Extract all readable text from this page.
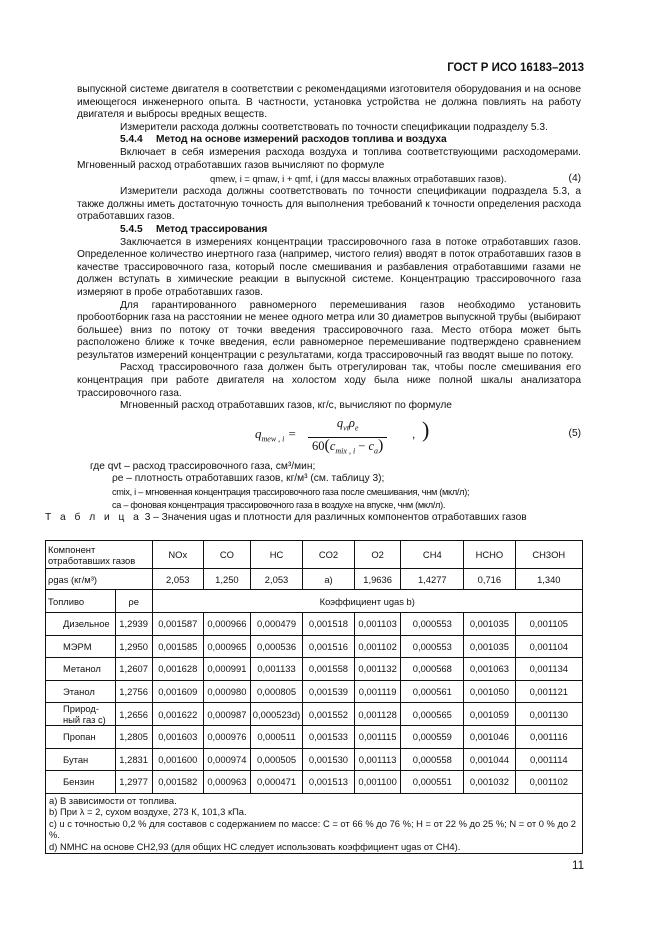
ГОСТ Р ИСО 16183–2013

выпускной системе двигателя в соответствии с рекомендациями изготовителя оборудования и на основе имеющегося инженерного опыта. В частности, установка устройства не должна повлиять на работу двигателя и выбросы вредных веществ.

Измерители расхода должны соответствовать по точности спецификации подразделу 5.3.

5.4.4 Метод на основе измерений расходов топлива и воздуха

Включает в себя измерения расхода воздуха и топлива соответствующими расходомерами. Мгновенный расход отработавших газов вычисляют по формуле

qmew, i = qmaw, i + qmf, i (для массы влажных отработавших газов).	(4)

Измерители расхода должны соответствовать по точности спецификации подраздела 5.3, а также должны иметь достаточную точность для выполнения требований к точности определения расхода отработавших газов.

5.4.5 Метод трассирования

Заключается в измерениях концентрации трассировочного газа в потоке отработавших газов. Определенное количество инертного газа (например, чистого гелия) вводят в поток отработавших газов в качестве трассировочного газа, который после смешивания и разбавления отработавшими газами не должен вступать в химические реакции в выпускной системе. Концентрацию трассировочного газа измеряют в пробе отработавших газов.

Для гарантированного равномерного перемешивания газов необходимо установить пробоотборник газа на расстоянии не менее одного метра или 30 диаметров выпускной трубы (выбирают большее) вниз по потоку от точки введения трассировочного газа. Место отбора может быть расположено ближе к точке введения, если равномерное перемешивание подтверждено сравнением результатов измерений концентрации с результатами, когда трассировочный газ вводят выше по потоку.

Расход трассировочного газа должен быть отрегулирован так, чтобы после смешивания его концентрация при работе двигателя на холостом ходу была ниже полной шкалы анализатора трассировочного газа.

Мгновенный расход отработавших газов, кг/с, вычисляют по формуле

$q_{mew , i}$ =
$q_{vt}\rho_e$
$60(c_{mix , i} - c_a)$
, )	(5)

где qvt – расход трассировочного газа, см³/мин;

ρe – плотность отработавших газов, кг/м³ (см. таблицу 3);

cmix, i – мгновенная концентрация трассировочного газа после смешивания, чнм (мкл/л);

ca – фоновая концентрация трассировочного газа в воздухе на впуске, чнм (мкл/л).

Т а б л и ц а 3 – Значения ugas и плотности для различных компонентов отработавших газов

Компонент отработавших газов		NOx	CO	HC	CO2	O2	CH4	HCHO	CH3OH
ρgas (кг/м³)		2,053	1,250	2,053	a)	1,9636	1,4277	0,716	1,340
Топливо	ρe	Коэффициент ugas b)							
Дизельное	1,2939	0,001587	0,000966	0,000479	0,001518	0,001103	0,000553	0,001035	0,001105
МЭРМ	1,2950	0,001585	0,000965	0,000536	0,001516	0,001102	0,000553	0,001035	0,001104
Метанол	1,2607	0,001628	0,000991	0,001133	0,001558	0,001132	0,000568	0,001063	0,001134
Этанол	1,2756	0,001609	0,000980	0,000805	0,001539	0,001119	0,000561	0,001050	0,001121
Природ-ный газ c)	1,2656	0,001622	0,000987	0,000523d)	0,001552	0,001128	0,000565	0,001059	0,001130
Пропан	1,2805	0,001603	0,000976	0,000511	0,001533	0,001115	0,000559	0,001046	0,001116
Бутан	1,2831	0,001600	0,000974	0,000505	0,001530	0,001113	0,000558	0,001044	0,001114
Бензин	1,2977	0,001582	0,000963	0,000471	0,001513	0,001100	0,000551	0,001032	0,001102

a) В зависимости от топлива.
b) При λ = 2, сухом воздухе, 273 К, 101,3 кПа.
c) u с точностью 0,2 % для составов с содержанием по массе: С = от 66 % до 76 %; Н = от 22 % до 25 %; N = от 0 % до 2 %.
d) NMHC на основе CH2,93 (для общих HC следует использовать коэффициент ugas от CH4).									
11
